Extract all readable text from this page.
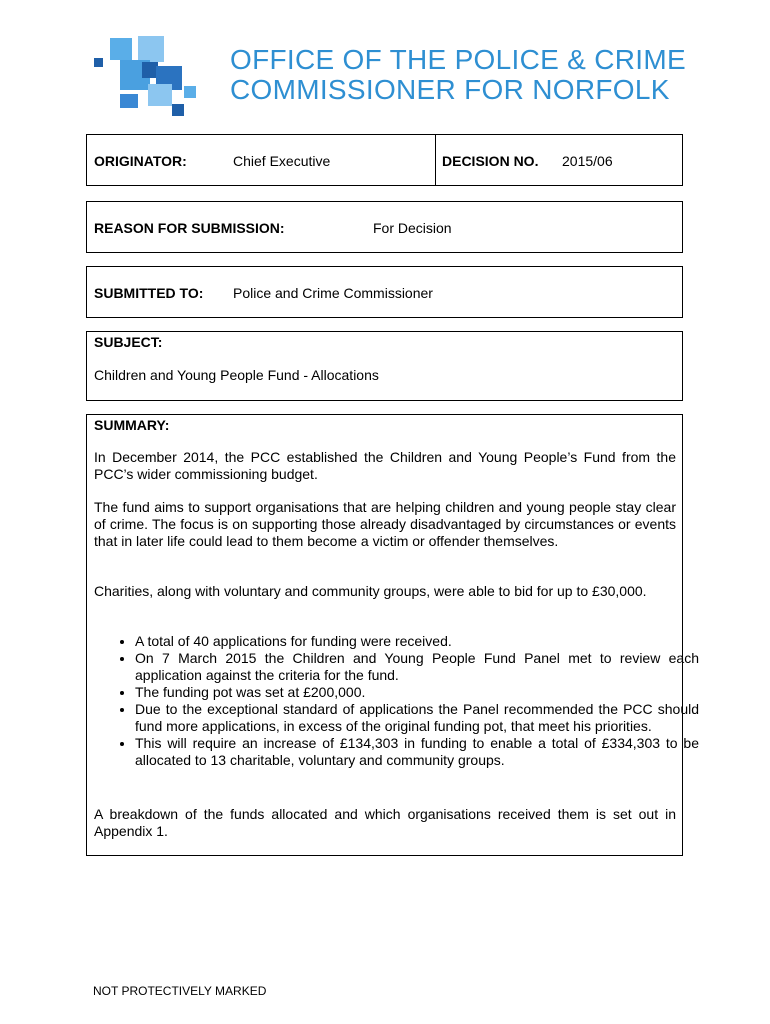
OFFICE OF THE POLICE & CRIME
COMMISSIONER FOR NORFOLK
ORIGINATOR:	Chief Executive	DECISION NO. 2015/06
REASON FOR SUBMISSION:	For Decision
SUBMITTED TO: Police and Crime Commissioner
SUBJECT:
Children and Young People Fund - Allocations
SUMMARY:
In December 2014, the PCC established the Children and Young People’s Fund from the PCC’s wider commissioning budget.
The fund aims to support organisations that are helping children and young people stay clear of crime. The focus is on supporting those already disadvantaged by circumstances or events that in later life could lead to them become a victim or offender themselves.
Charities, along with voluntary and community groups, were able to bid for up to £30,000.
• A total of 40 applications for funding were received.
• On 7 March 2015 the Children and Young People Fund Panel met to review each application against the criteria for the fund.
• The funding pot was set at £200,000.
• Due to the exceptional standard of applications the Panel recommended the PCC should fund more applications, in excess of the original funding pot, that meet his priorities.
• This will require an increase of £134,303 in funding to enable a total of £334,303 to be allocated to 13 charitable, voluntary and community groups.
A breakdown of the funds allocated and which organisations received them is set out in Appendix 1.
NOT PROTECTIVELY MARKED
